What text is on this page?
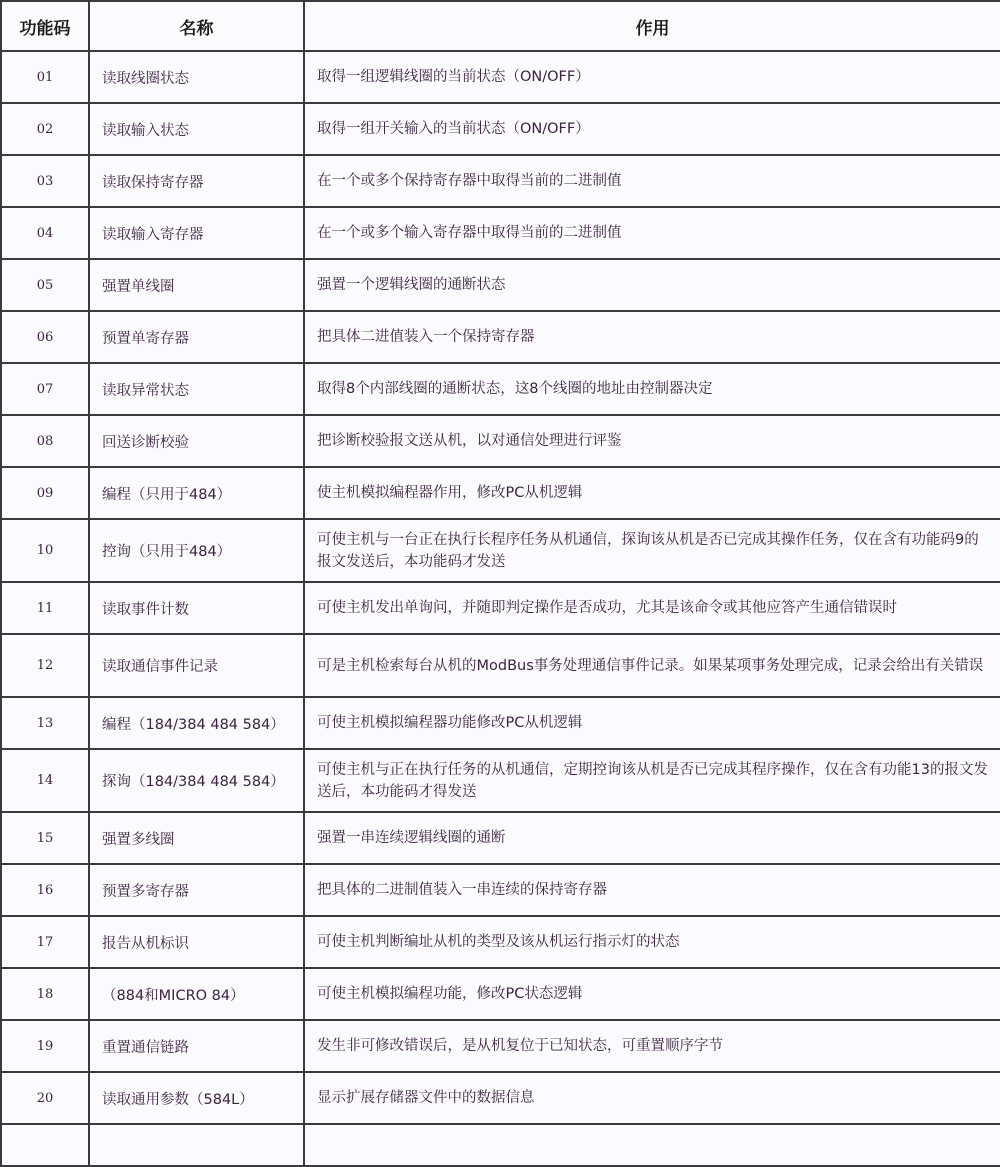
功能码	名称	作用
01	读取线圈状态	取得一组逻辑线圈的当前状态（ON/OFF）
02	读取输入状态	取得一组开关输入的当前状态（ON/OFF）
03	读取保持寄存器	在一个或多个保持寄存器中取得当前的二进制值
04	读取输入寄存器	在一个或多个输入寄存器中取得当前的二进制值
05	强置单线圈	强置一个逻辑线圈的通断状态
06	预置单寄存器	把具体二进值装入一个保持寄存器
07	读取异常状态	取得8个内部线圈的通断状态，这8个线圈的地址由控制器决定
08	回送诊断校验	把诊断校验报文送从机，以对通信处理进行评鉴
09	编程（只用于484）	使主机模拟编程器作用，修改PC从机逻辑
10	控询（只用于484）	可使主机与一台正在执行长程序任务从机通信，探询该从机是否已完成其操作任务，仅在含有功能码9的报文发送后，本功能码才发送
11	读取事件计数	可使主机发出单询问，并随即判定操作是否成功，尤其是该命令或其他应答产生通信错误时
12	读取通信事件记录	可是主机检索每台从机的ModBus事务处理通信事件记录。如果某项事务处理完成，记录会给出有关错误
13	编程（184/384 484 584）	可使主机模拟编程器功能修改PC从机逻辑
14	探询（184/384 484 584）	可使主机与正在执行任务的从机通信，定期控询该从机是否已完成其程序操作，仅在含有功能13的报文发送后，本功能码才得发送
15	强置多线圈	强置一串连续逻辑线圈的通断
16	预置多寄存器	把具体的二进制值装入一串连续的保持寄存器
17	报告从机标识	可使主机判断编址从机的类型及该从机运行指示灯的状态
18	（884和MICRO 84）	可使主机模拟编程功能，修改PC状态逻辑
19	重置通信链路	发生非可修改错误后，是从机复位于已知状态，可重置顺序字节
20	读取通用参数（584L）	显示扩展存储器文件中的数据信息
